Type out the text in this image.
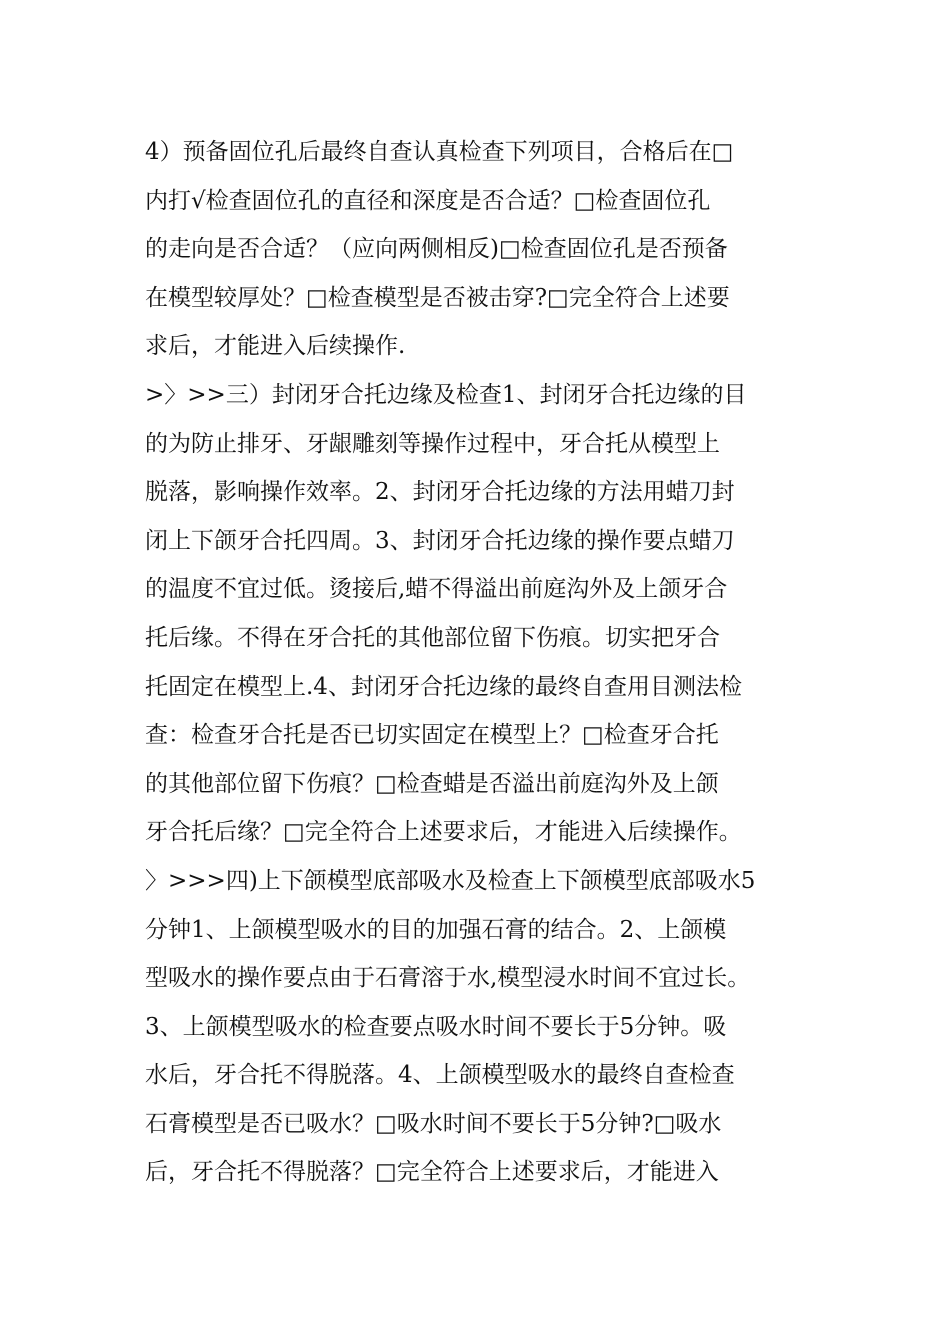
4）预备固位孔后最终自查认真检查下列项目，合格后在□
内打√检查固位孔的直径和深度是否合适？□检查固位孔
的走向是否合适？（应向两侧相反)□检查固位孔是否预备
在模型较厚处？□检查模型是否被击穿?□完全符合上述要
求后，才能进入后续操作.
>〉>>三）封闭牙合托边缘及检查1、封闭牙合托边缘的目
的为防止排牙、牙龈雕刻等操作过程中，牙合托从模型上
脱落，影响操作效率。2、封闭牙合托边缘的方法用蜡刀封
闭上下颌牙合托四周。3、封闭牙合托边缘的操作要点蜡刀
的温度不宜过低。烫接后,蜡不得溢出前庭沟外及上颌牙合
托后缘。不得在牙合托的其他部位留下伤痕。切实把牙合
托固定在模型上.4、封闭牙合托边缘的最终自查用目测法检
查：检查牙合托是否已切实固定在模型上？□检查牙合托
的其他部位留下伤痕？□检查蜡是否溢出前庭沟外及上颌
牙合托后缘？□完全符合上述要求后，才能进入后续操作。
〉>>>四)上下颌模型底部吸水及检查上下颌模型底部吸水5
分钟1、上颌模型吸水的目的加强石膏的结合。2、上颌模
型吸水的操作要点由于石膏溶于水,模型浸水时间不宜过长。
3、上颌模型吸水的检查要点吸水时间不要长于5分钟。吸
水后，牙合托不得脱落。4、上颌模型吸水的最终自查检查
石膏模型是否已吸水？□吸水时间不要长于5分钟?□吸水
后，牙合托不得脱落？□完全符合上述要求后，才能进入
